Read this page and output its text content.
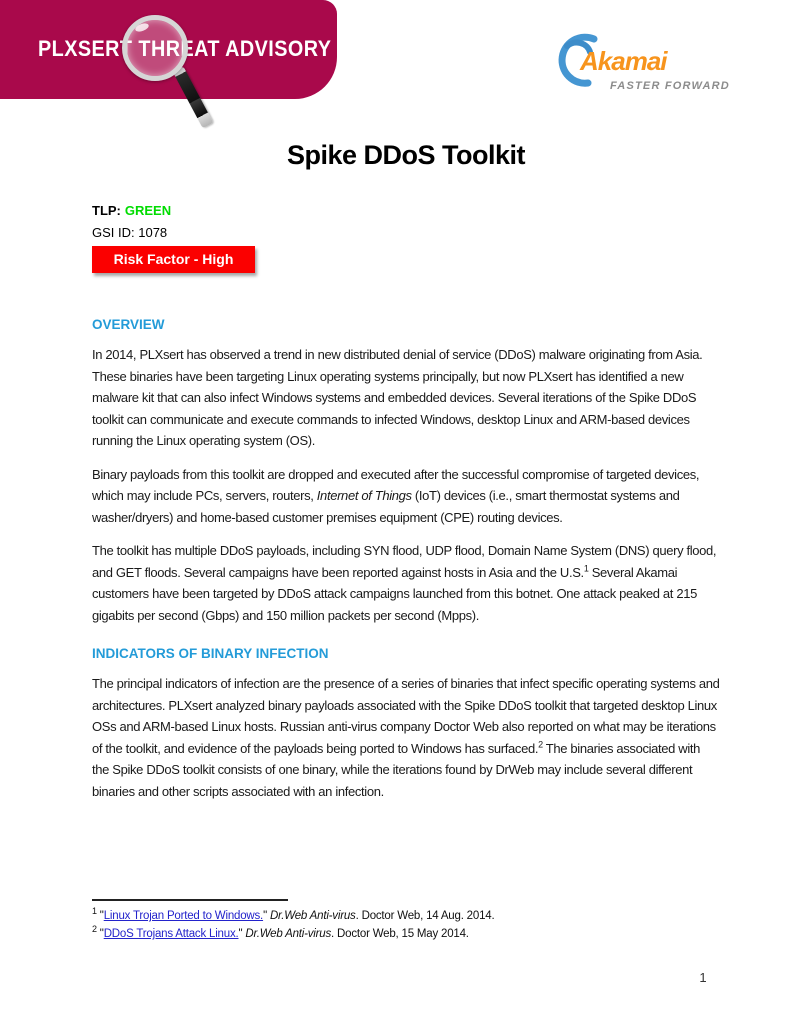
PLXSERT THREAT ADVISORY	Akamai
FASTER FORWARD
Spike DDoS Toolkit
TLP: GREEN
GSI ID: 1078
Risk Factor - High
OVERVIEW

In 2014, PLXsert has observed a trend in new distributed denial of service (DDoS) malware originating from Asia. These binaries have been targeting Linux operating systems principally, but now PLXsert has identified a new malware kit that can also infect Windows systems and embedded devices. Several iterations of the Spike DDoS toolkit can communicate and execute commands to infected Windows, desktop Linux and ARM-based devices running the Linux operating system (OS).

Binary payloads from this toolkit are dropped and executed after the successful compromise of targeted devices, which may include PCs, servers, routers, Internet of Things (IoT) devices (i.e., smart thermostat systems and washer/dryers) and home-based customer premises equipment (CPE) routing devices.

The toolkit has multiple DDoS payloads, including SYN flood, UDP flood, Domain Name System (DNS) query flood, and GET floods. Several campaigns have been reported against hosts in Asia and the U.S.$^1$ Several Akamai customers have been targeted by DDoS attack campaigns launched from this botnet. One attack peaked at 215 gigabits per second (Gbps) and 150 million packets per second (Mpps).

INDICATORS OF BINARY INFECTION

The principal indicators of infection are the presence of a series of binaries that infect specific operating systems and architectures. PLXsert analyzed binary payloads associated with the Spike DDoS toolkit that targeted desktop Linux OSs and ARM-based Linux hosts. Russian anti-virus company Doctor Web also reported on what may be iterations of the toolkit, and evidence of the payloads being ported to Windows has surfaced.$^2$ The binaries associated with the Spike DDoS toolkit consists of one binary, while the iterations found by DrWeb may include several different binaries and other scripts associated with an infection.

$^1$ "Linux Trojan Ported to Windows." Dr.Web Anti-virus. Doctor Web, 14 Aug. 2014.
$^2$ "DDoS Trojans Attack Linux." Dr.Web Anti-virus. Doctor Web, 15 May 2014.
1
